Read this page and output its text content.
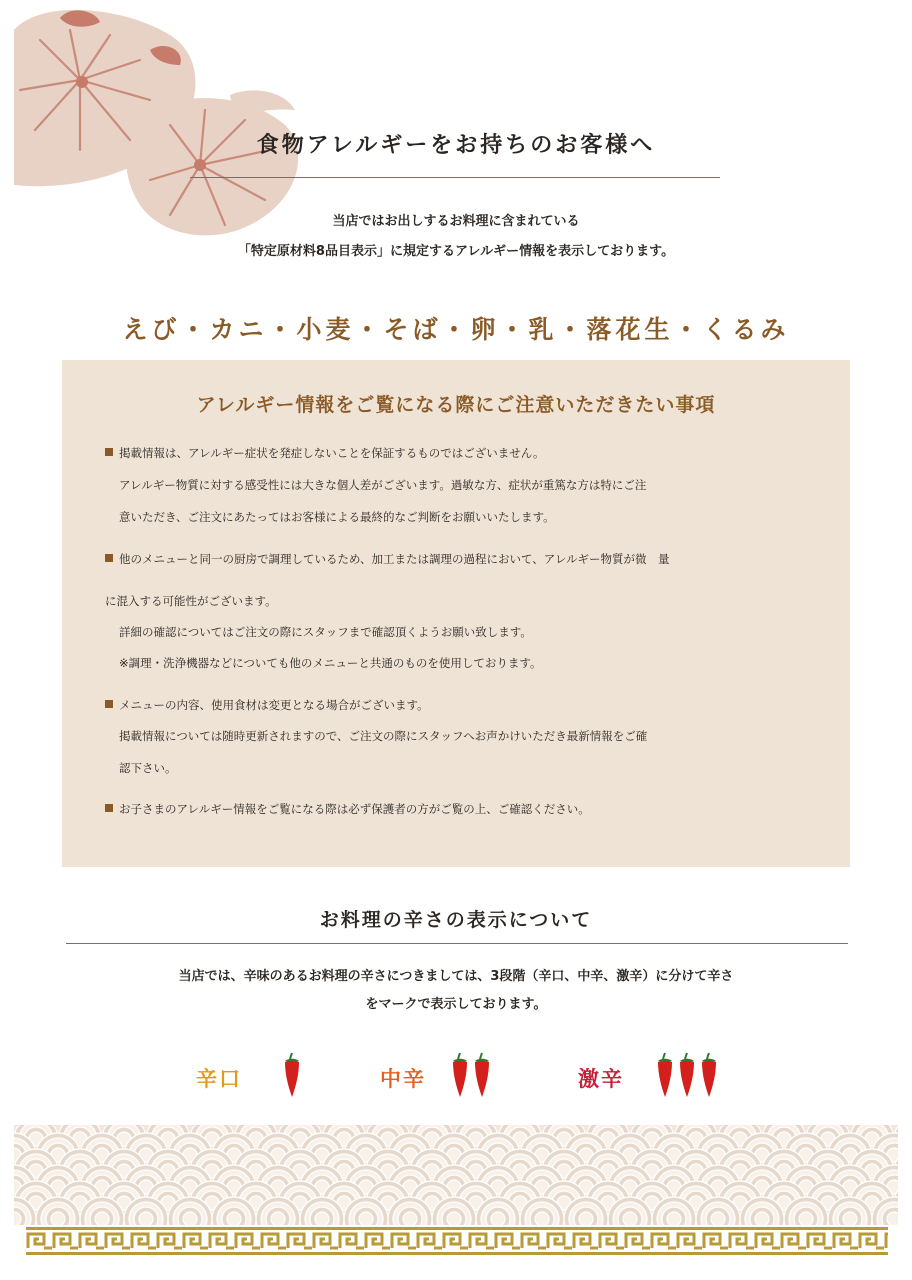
食物アレルギーをお持ちのお客様へ
当店ではお出しするお料理に含まれている
「特定原材料8品目表示」に規定するアレルギー情報を表示しております。
えび・カニ・小麦・そば・卵・乳・落花生・くるみ
アレルギー情報をご覧になる際にご注意いただきたい事項
掲載情報は、アレルギー症状を発症しないことを保証するものではございません。
アレルギー物質に対する感受性には大きな個人差がございます。過敏な方、症状が重篤な方は特にご注
意いただき、ご注文にあたってはお客様による最終的なご判断をお願いいたします。
他のメニューと同一の厨房で調理しているため、加工または調理の過程において、アレルギー物質が微　量
に混入する可能性がございます。
詳細の確認についてはご注文の際にスタッフまで確認頂くようお願い致します。
※調理・洗浄機器などについても他のメニューと共通のものを使用しております。
メニューの内容、使用食材は変更となる場合がございます。
掲載情報については随時更新されますので、ご注文の際にスタッフへお声かけいただき最新情報をご確
認下さい。
お子さまのアレルギー情報をご覧になる際は必ず保護者の方がご覧の上、ご確認ください。
お料理の辛さの表示について
当店では、辛味のあるお料理の辛さにつきましては、3段階（辛口、中辛、激辛）に分けて辛さ
をマークで表示しております。
辛口	中辛	激辛
